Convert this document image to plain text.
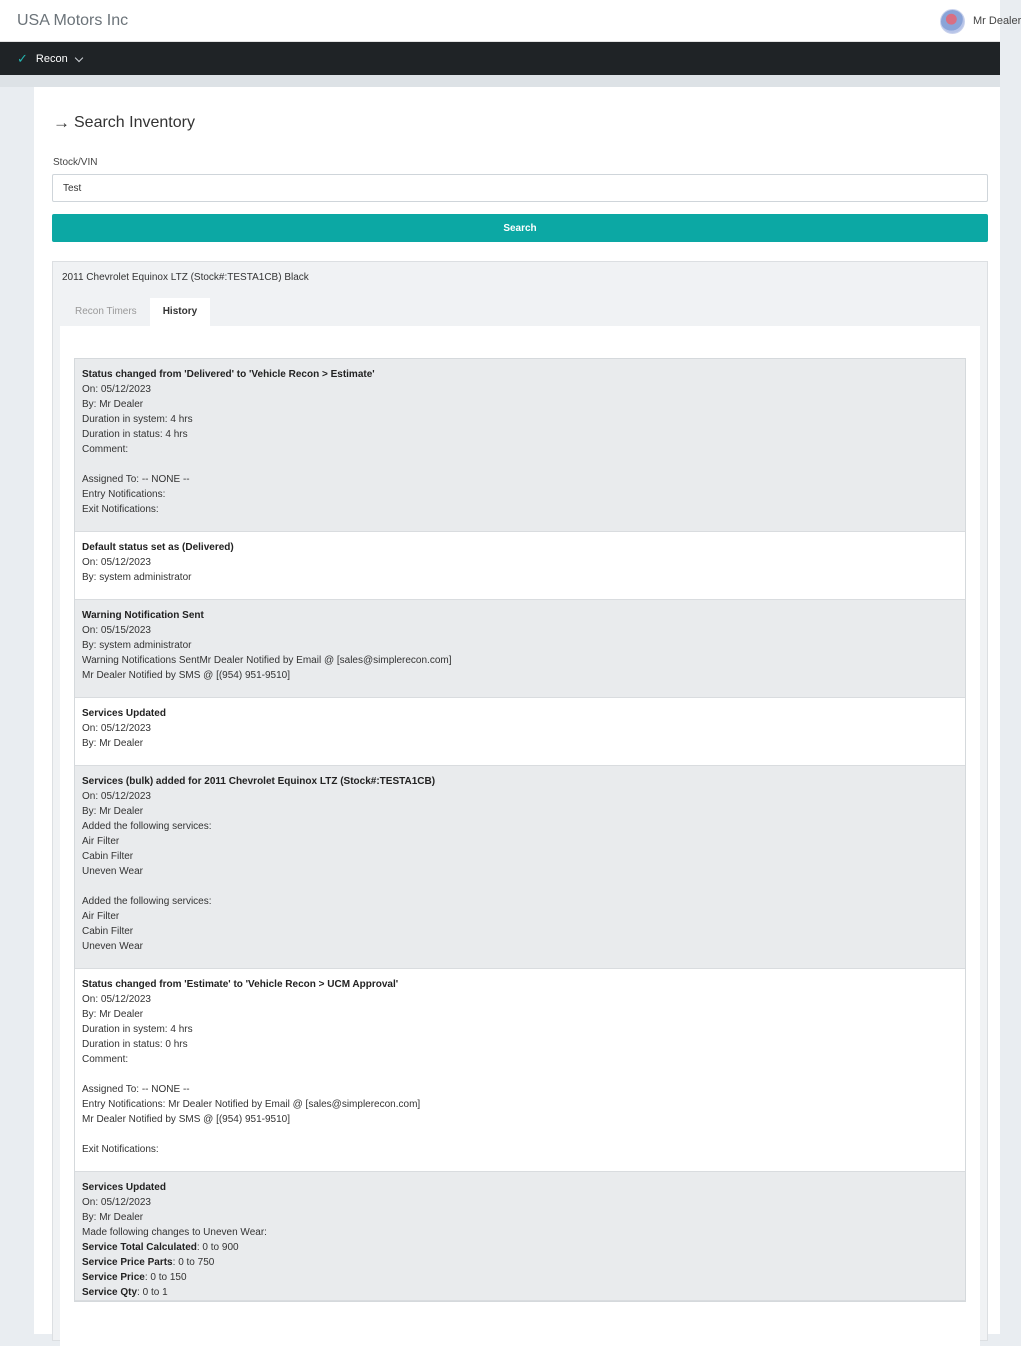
USA Motors Inc	Mr Dealer
✓ Recon
→ Search Inventory
Stock/VIN
Test
Search
2011 Chevrolet Equinox LTZ (Stock#:TESTA1CB) Black
Recon Timers	History
Status changed from 'Delivered' to 'Vehicle Recon > Estimate'
On: 05/12/2023
By: Mr Dealer
Duration in system: 4 hrs
Duration in status: 4 hrs
Comment:
Assigned To: -- NONE --
Entry Notifications:
Exit Notifications:
Default status set as (Delivered)
On: 05/12/2023
By: system administrator
Warning Notification Sent
On: 05/15/2023
By: system administrator
Warning Notifications SentMr Dealer Notified by Email @ [sales@simplerecon.com]
Mr Dealer Notified by SMS @ [(954) 951-9510]
Services Updated
On: 05/12/2023
By: Mr Dealer
Services (bulk) added for 2011 Chevrolet Equinox LTZ (Stock#:TESTA1CB)
On: 05/12/2023
By: Mr Dealer
Added the following services:
Air Filter
Cabin Filter
Uneven Wear
Added the following services:
Air Filter
Cabin Filter
Uneven Wear
Status changed from 'Estimate' to 'Vehicle Recon > UCM Approval'
On: 05/12/2023
By: Mr Dealer
Duration in system: 4 hrs
Duration in status: 0 hrs
Comment:
Assigned To: -- NONE --
Entry Notifications: Mr Dealer Notified by Email @ [sales@simplerecon.com]
Mr Dealer Notified by SMS @ [(954) 951-9510]
Exit Notifications:
Services Updated
On: 05/12/2023
By: Mr Dealer
Made following changes to Uneven Wear:
Service Total Calculated: 0 to 900
Service Price Parts: 0 to 750
Service Price: 0 to 150
Service Qty: 0 to 1
